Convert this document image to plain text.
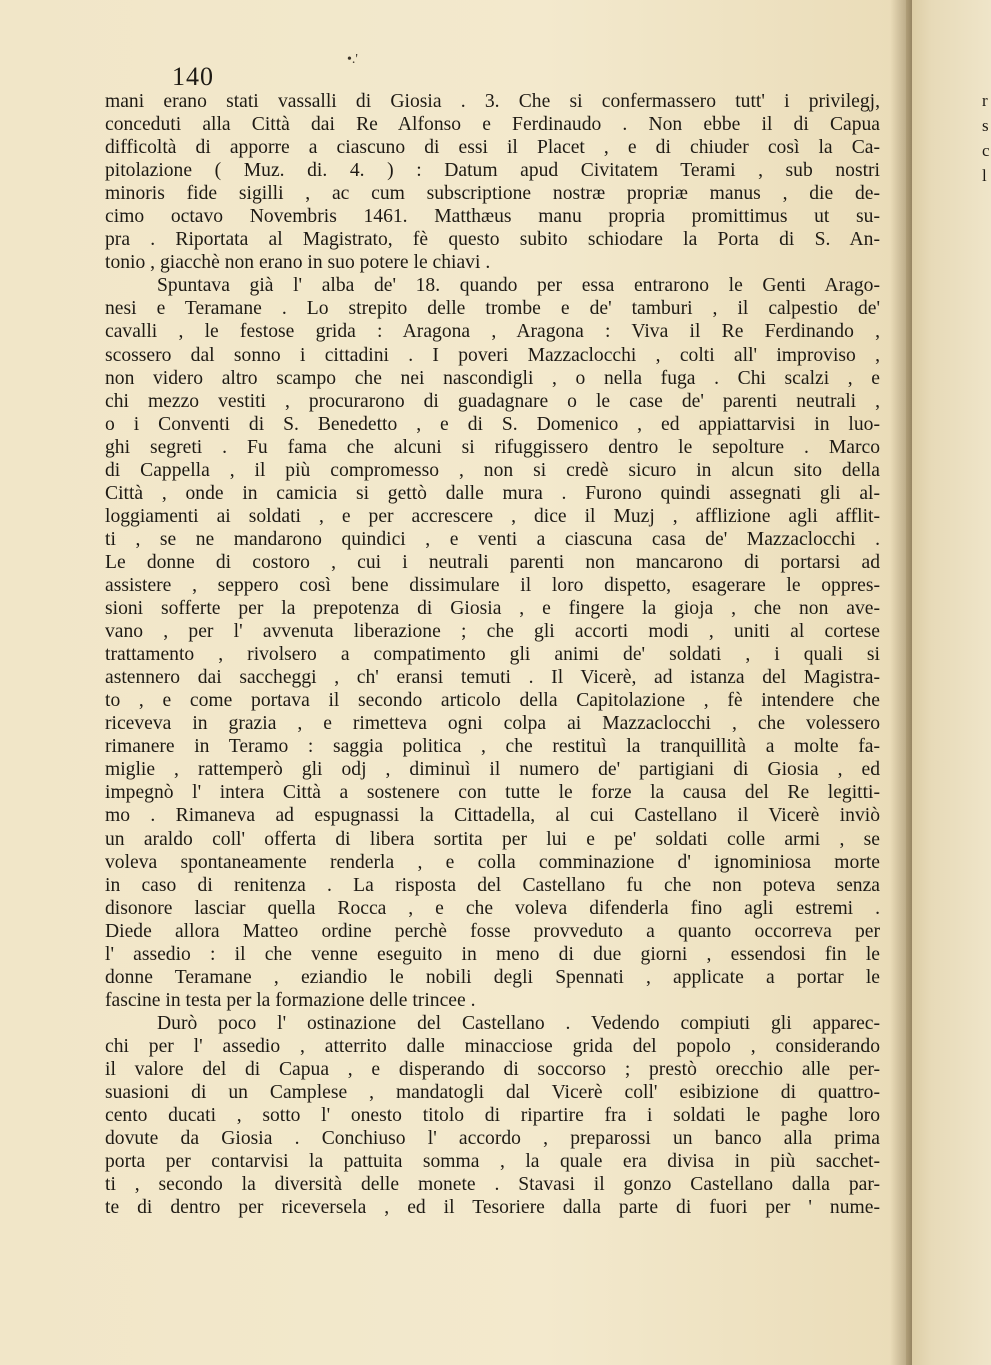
r
s
c
l
•.'
140
mani erano stati vassalli di Giosia . 3. Che si confermassero tutt' i privilegj,
conceduti alla Città dai Re Alfonso e Ferdinaudo . Non ebbe il di Capua
difficoltà di apporre a ciascuno di essi il Placet , e di chiuder così la Ca-
pitolazione ( Muz. di. 4. ) : Datum apud Civitatem Terami , sub nostri
minoris fide sigilli , ac cum subscriptione nostræ propriæ manus , die de-
cimo octavo Novembris 1461. Matthæus manu propria promittimus ut su-
pra . Riportata al Magistrato, fè questo subito schiodare la Porta di S. An-
tonio , giacchè non erano in suo potere le chiavi .
Spuntava già l' alba de' 18. quando per essa entrarono le Genti Arago-
nesi e Teramane . Lo strepito delle trombe e de' tamburi , il calpestio de'
cavalli , le festose grida : Aragona , Aragona : Viva il Re Ferdinando ,
scossero dal sonno i cittadini . I poveri Mazzaclocchi , colti all' improviso ,
non videro altro scampo che nei nascondigli , o nella fuga . Chi scalzi , e
chi mezzo vestiti , procurarono di guadagnare o le case de' parenti neutrali ,
o i Conventi di S. Benedetto , e di S. Domenico , ed appiattarvisi in luo-
ghi segreti . Fu fama che alcuni si rifuggissero dentro le sepolture . Marco
di Cappella , il più compromesso , non si credè sicuro in alcun sito della
Città , onde in camicia si gettò dalle mura . Furono quindi assegnati gli al-
loggiamenti ai soldati , e per accrescere , dice il Muzj , afflizione agli afflit-
ti , se ne mandarono quindici , e venti a ciascuna casa de' Mazzaclocchi .
Le donne di costoro , cui i neutrali parenti non mancarono di portarsi ad
assistere , seppero così bene dissimulare il loro dispetto, esagerare le oppres-
sioni sofferte per la prepotenza di Giosia , e fingere la gioja , che non ave-
vano , per l' avvenuta liberazione ; che gli accorti modi , uniti al cortese
trattamento , rivolsero a compatimento gli animi de' soldati , i quali si
astennero dai saccheggi , ch' eransi temuti . Il Vicerè, ad istanza del Magistra-
to , e come portava il secondo articolo della Capitolazione , fè intendere che
riceveva in grazia , e rimetteva ogni colpa ai Mazzaclocchi , che volessero
rimanere in Teramo : saggia politica , che restituì la tranquillità a molte fa-
miglie , rattemperò gli odj , diminuì il numero de' partigiani di Giosia , ed
impegnò l' intera Città a sostenere con tutte le forze la causa del Re legitti-
mo . Rimaneva ad espugnassi la Cittadella, al cui Castellano il Vicerè inviò
un araldo coll' offerta di libera sortita per lui e pe' soldati colle armi , se
voleva spontaneamente renderla , e colla comminazione d' ignominiosa morte
in caso di renitenza . La risposta del Castellano fu che non poteva senza
disonore lasciar quella Rocca , e che voleva difenderla fino agli estremi .
Diede allora Matteo ordine perchè fosse provveduto a quanto occorreva per
l' assedio : il che venne eseguito in meno di due giorni , essendosi fin le
donne Teramane , eziandio le nobili degli Spennati , applicate a portar le
fascine in testa per la formazione delle trincee .
Durò poco l' ostinazione del Castellano . Vedendo compiuti gli apparec-
chi per l' assedio , atterrito dalle minacciose grida del popolo , considerando
il valore del di Capua , e disperando di soccorso ; prestò orecchio alle per-
suasioni di un Camplese , mandatogli dal Vicerè coll' esibizione di quattro-
cento ducati , sotto l' onesto titolo di ripartire fra i soldati le paghe loro
dovute da Giosia . Conchiuso l' accordo , preparossi un banco alla prima
porta per contarvisi la pattuita somma , la quale era divisa in più sacchet-
ti , secondo la diversità delle monete . Stavasi il gonzo Castellano dalla par-
te di dentro per riceversela , ed il Tesoriere dalla parte di fuori per ' nume-
